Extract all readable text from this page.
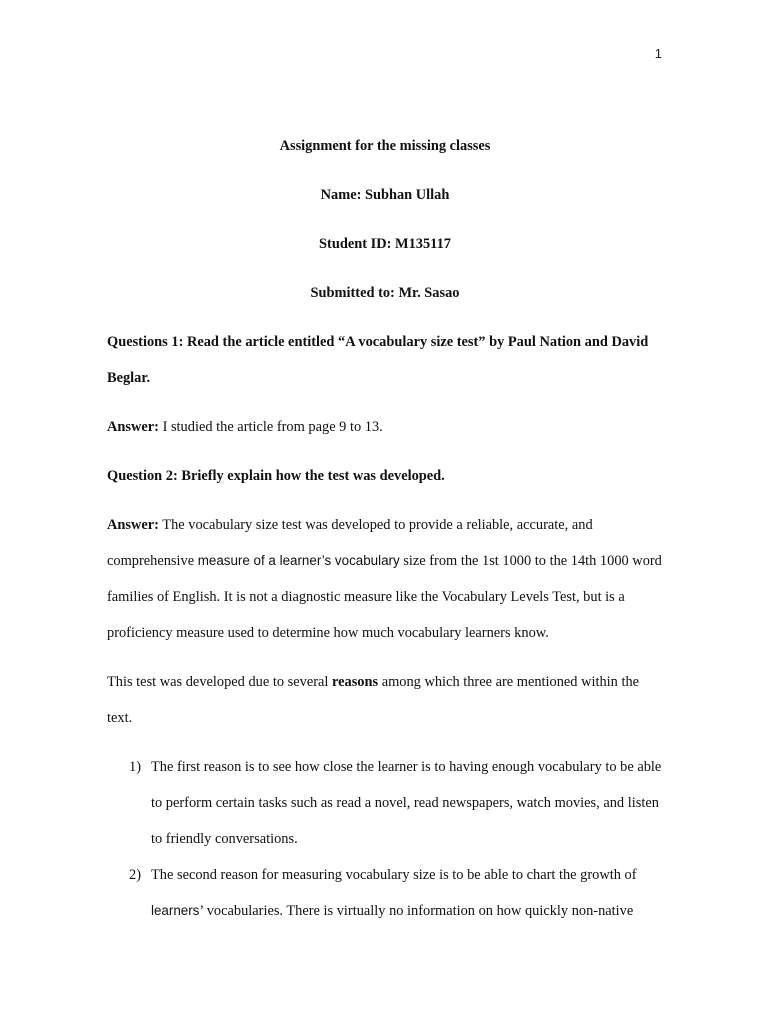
1
Assignment for the missing classes
Name: Subhan Ullah
Student ID: M135117
Submitted to: Mr. Sasao
Questions 1: Read the article entitled “A vocabulary size test” by Paul Nation and David Beglar.

Answer: I studied the article from page 9 to 13.

Question 2: Briefly explain how the test was developed.

Answer: The vocabulary size test was developed to provide a reliable, accurate, and comprehensive measure of a learner’s vocabulary size from the 1st 1000 to the 14th 1000 word families of English. It is not a diagnostic measure like the Vocabulary Levels Test, but is a proficiency measure used to determine how much vocabulary learners know.

This test was developed due to several reasons among which three are mentioned within the text.

1) The first reason is to see how close the learner is to having enough vocabulary to be able to perform certain tasks such as read a novel, read newspapers, watch movies, and listen to friendly conversations.
2) The second reason for measuring vocabulary size is to be able to chart the growth of learners’ vocabularies. There is virtually no information on how quickly non-native
